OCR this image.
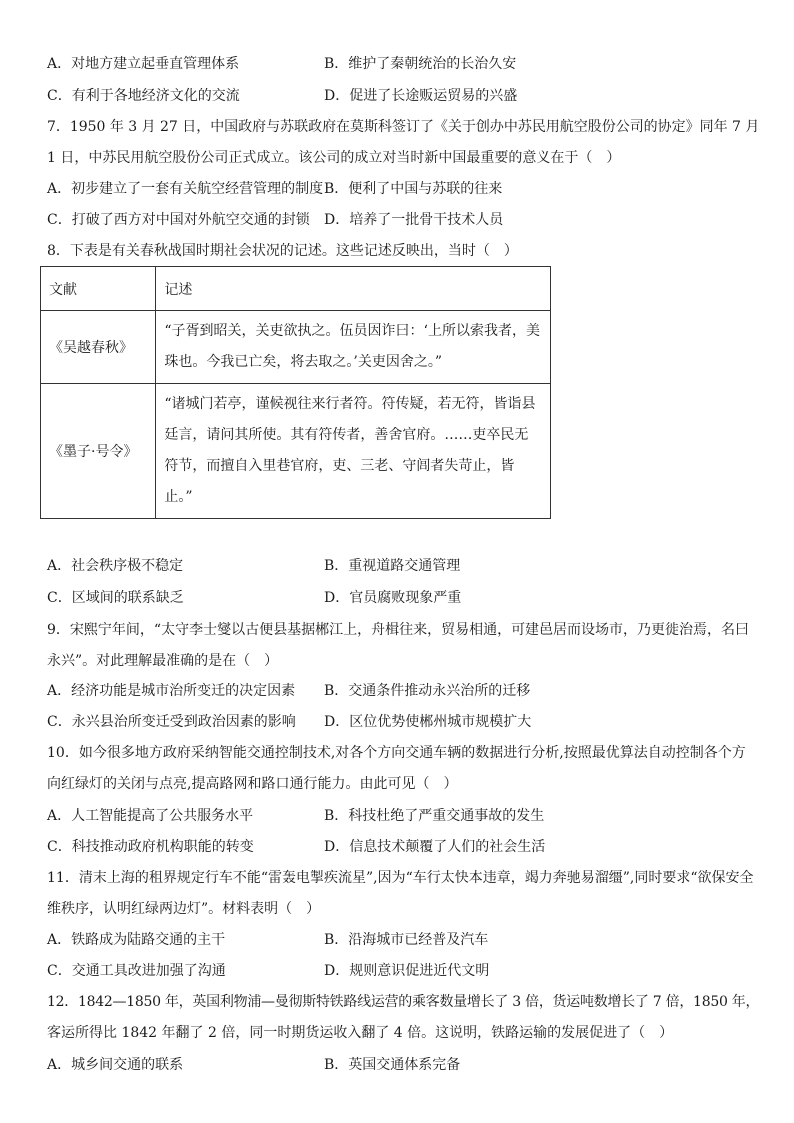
A．对地方建立起垂直管理体系	B．维护了秦朝统治的长治久安
C．有利于各地经济文化的交流	D．促进了长途贩运贸易的兴盛
7．1950 年 3 月 27 日，中国政府与苏联政府在莫斯科签订了《关于创办中苏民用航空股份公司的协定》同年 7 月
1 日，中苏民用航空股份公司正式成立。该公司的成立对当时新中国最重要的意义在于（　）
A．初步建立了一套有关航空经营管理的制度 B．便利了中国与苏联的往来
C．打破了西方对中国对外航空交通的封锁 D．培养了一批骨干技术人员
8．下表是有关春秋战国时期社会状况的记述。这些记述反映出，当时（　）
文献	记述
《吴越春秋》	“子胥到昭关，关吏欲执之。伍员因诈曰：‘上所以索我者，美
珠也。今我已亡矣，将去取之。’关吏因舍之。”

《墨子·号令》	“诸城门若亭，谨候视往来行者符。符传疑，若无符，皆诣县
廷言，请问其所使。其有符传者，善舍官府。……吏卒民无
符节，而擅自入里巷官府，吏、三老、守闾者失苛止，皆
止。”
A．社会秩序极不稳定	B．重视道路交通管理
C．区域间的联系缺乏	D．官员腐败现象严重
9．宋熙宁年间，“太守李士燮以古便县基据郴江上，舟楫往来，贸易相通，可建邑居而设场市，乃更徙治焉，名曰
永兴”。对此理解最准确的是在（　）
A．经济功能是城市治所变迁的决定因素 B．交通条件推动永兴治所的迁移
C．永兴县治所变迁受到政治因素的影响 D．区位优势使郴州城市规模扩大
10．如今很多地方政府采纳智能交通控制技术,对各个方向交通车辆的数据进行分析,按照最优算法自动控制各个方
向红绿灯的关闭与点亮,提高路网和路口通行能力。由此可见（　）
A．人工智能提高了公共服务水平	B．科技杜绝了严重交通事故的发生
C．科技推动政府机构职能的转变	D．信息技术颠覆了人们的社会生活
11．清末上海的租界规定行车不能“雷轰电掣疾流星”,因为“车行太快本违章，竭力奔驰易溜缰”,同时要求“欲保安全
维秩序，认明红绿两边灯”。材料表明（　）
A．铁路成为陆路交通的主干	B．沿海城市已经普及汽车
C．交通工具改进加强了沟通	D．规则意识促进近代文明
12．1842—1850 年，英国利物浦—曼彻斯特铁路线运营的乘客数量增长了 3 倍，货运吨数增长了 7 倍，1850 年，
客运所得比 1842 年翻了 2 倍，同一时期货运收入翻了 4 倍。这说明，铁路运输的发展促进了（　）
A．城乡间交通的联系	B．英国交通体系完备
